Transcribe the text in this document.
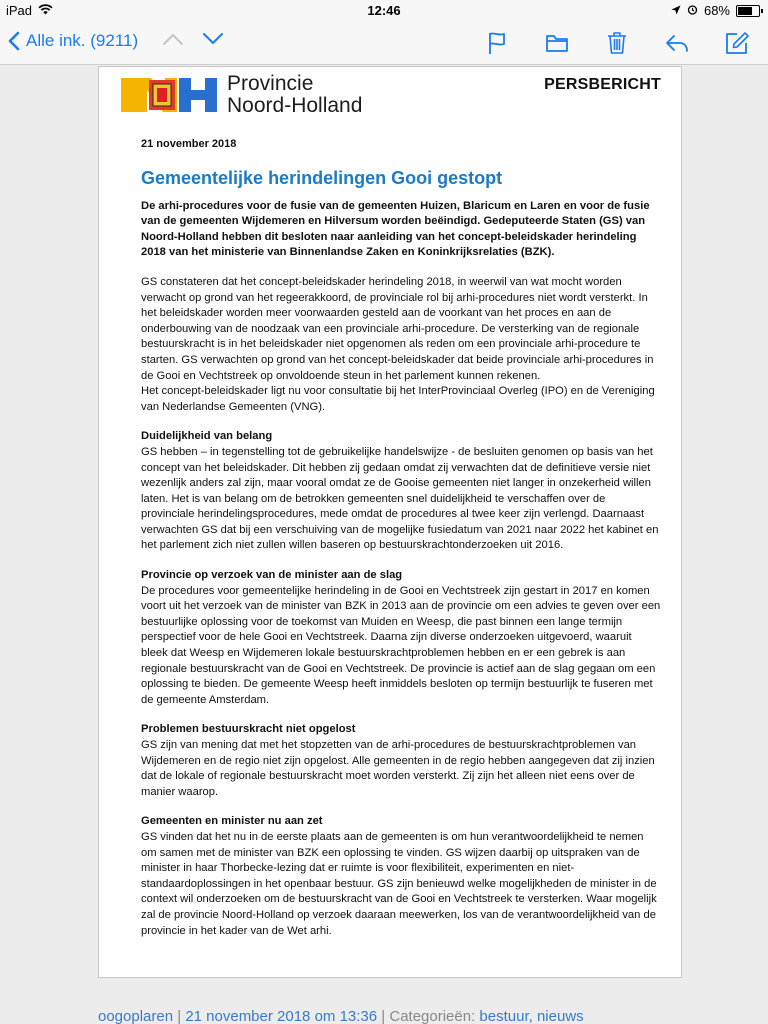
iPad	12:46	68%
Alle ink. (9211)
Provincie
Noord-Holland
PERSBERICHT

21 november 2018

Gemeentelijke herindelingen Gooi gestopt

De arhi-procedures voor de fusie van de gemeenten Huizen, Blaricum en Laren en voor de fusie van de gemeenten Wijdemeren en Hilversum worden beëindigd. Gedeputeerde Staten (GS) van Noord-Holland hebben dit besloten naar aanleiding van het concept-beleidskader herindeling 2018 van het ministerie van Binnenlandse Zaken en Koninkrijksrelaties (BZK).

GS constateren dat het concept-beleidskader herindeling 2018, in weerwil van wat mocht worden verwacht op grond van het regeerakkoord, de provinciale rol bij arhi-procedures niet wordt versterkt. In het beleidskader worden meer voorwaarden gesteld aan de voorkant van het proces en aan de onderbouwing van de noodzaak van een provinciale arhi-procedure. De versterking van de regionale bestuurskracht is in het beleidskader niet opgenomen als reden om een provinciale arhi-procedure te starten. GS verwachten op grond van het concept-beleidskader dat beide provinciale arhi-procedures in de Gooi en Vechtstreek op onvoldoende steun in het parlement kunnen rekenen.

Het concept-beleidskader ligt nu voor consultatie bij het InterProvinciaal Overleg (IPO) en de Vereniging van Nederlandse Gemeenten (VNG).

Duidelijkheid van belang

GS hebben – in tegenstelling tot de gebruikelijke handelswijze - de besluiten genomen op basis van het concept van het beleidskader. Dit hebben zij gedaan omdat zij verwachten dat de definitieve versie niet wezenlijk anders zal zijn, maar vooral omdat ze de Gooise gemeenten niet langer in onzekerheid willen laten. Het is van belang om de betrokken gemeenten snel duidelijkheid te verschaffen over de provinciale herindelingsprocedures, mede omdat de procedures al twee keer zijn verlengd. Daarnaast verwachten GS dat bij een verschuiving van de mogelijke fusiedatum van 2021 naar 2022 het kabinet en het parlement zich niet zullen willen baseren op bestuurskrachtonderzoeken uit 2016.

Provincie op verzoek van de minister aan de slag

De procedures voor gemeentelijke herindeling in de Gooi en Vechtstreek zijn gestart in 2017 en komen voort uit het verzoek van de minister van BZK in 2013 aan de provincie om een advies te geven over een bestuurlijke oplossing voor de toekomst van Muiden en Weesp, die past binnen een lange termijn perspectief voor de hele Gooi en Vechtstreek. Daarna zijn diverse onderzoeken uitgevoerd, waaruit bleek dat Weesp en Wijdemeren lokale bestuurskrachtproblemen hebben en er een gebrek is aan regionale bestuurskracht van de Gooi en Vechtstreek. De provincie is actief aan de slag gegaan om een oplossing te bieden. De gemeente Weesp heeft inmiddels besloten op termijn bestuurlijk te fuseren met de gemeente Amsterdam.

Problemen bestuurskracht niet opgelost

GS zijn van mening dat met het stopzetten van de arhi-procedures de bestuurskrachtproblemen van Wijdemeren en de regio niet zijn opgelost. Alle gemeenten in de regio hebben aangegeven dat zij inzien dat de lokale of regionale bestuurskracht moet worden versterkt. Zij zijn het alleen niet eens over de manier waarop.

Gemeenten en minister nu aan zet

GS vinden dat het nu in de eerste plaats aan de gemeenten is om hun verantwoordelijkheid te nemen om samen met de minister van BZK een oplossing te vinden. GS wijzen daarbij op uitspraken van de minister in haar Thorbecke-lezing dat er ruimte is voor flexibiliteit, experimenten en niet-standaardoplossingen in het openbaar bestuur. GS zijn benieuwd welke mogelijkheden de minister in de context wil onderzoeken om de bestuurskracht van de Gooi en Vechtstreek te versterken. Waar mogelijk zal de provincie Noord-Holland op verzoek daaraan meewerken, los van de verantwoordelijkheid van de provincie in het kader van de Wet arhi.

oogoplaren | 21 november 2018 om 13:36 | Categorieën: bestuur, nieuws
